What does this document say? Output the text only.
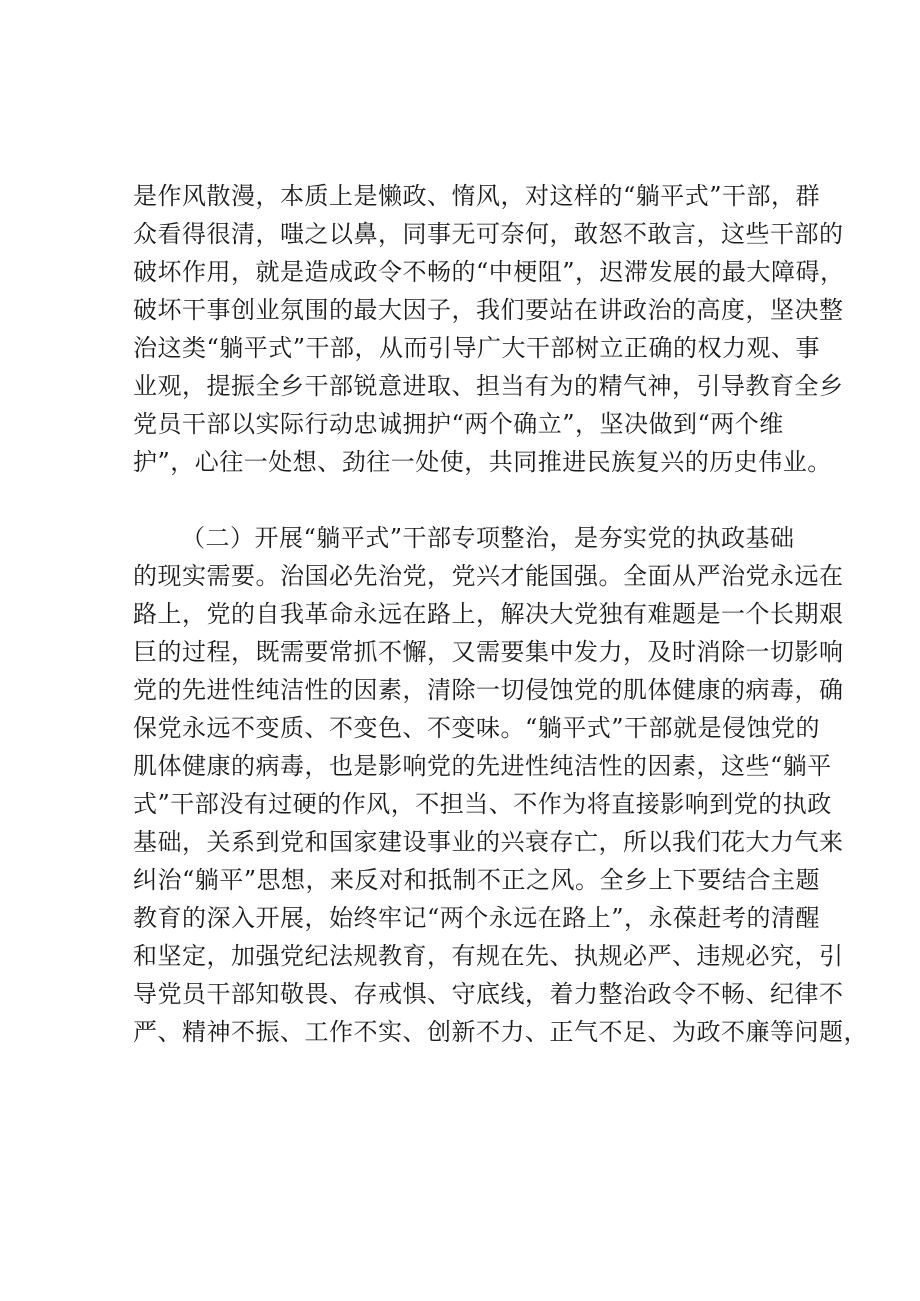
是作风散漫，本质上是懒政、惰风，对这样的“躺平式”干部，群
众看得很清，嗤之以鼻，同事无可奈何，敢怒不敢言，这些干部的
破坏作用，就是造成政令不畅的“中梗阻”，迟滞发展的最大障碍，
破坏干事创业氛围的最大因子，我们要站在讲政治的高度，坚决整
治这类“躺平式”干部，从而引导广大干部树立正确的权力观、事
业观，提振全乡干部锐意进取、担当有为的精气神，引导教育全乡
党员干部以实际行动忠诚拥护“两个确立”，坚决做到“两个维
护”，心往一处想、劲往一处使，共同推进民族复兴的历史伟业。
（二）开展“躺平式”干部专项整治，是夯实党的执政基础
的现实需要。治国必先治党，党兴才能国强。全面从严治党永远在
路上，党的自我革命永远在路上，解决大党独有难题是一个长期艰
巨的过程，既需要常抓不懈，又需要集中发力，及时消除一切影响
党的先进性纯洁性的因素，清除一切侵蚀党的肌体健康的病毒，确
保党永远不变质、不变色、不变味。“躺平式”干部就是侵蚀党的
肌体健康的病毒，也是影响党的先进性纯洁性的因素，这些“躺平
式”干部没有过硬的作风，不担当、不作为将直接影响到党的执政
基础，关系到党和国家建设事业的兴衰存亡，所以我们花大力气来
纠治“躺平”思想，来反对和抵制不正之风。全乡上下要结合主题
教育的深入开展，始终牢记“两个永远在路上”，永葆赶考的清醒
和坚定，加强党纪法规教育，有规在先、执规必严、违规必究，引
导党员干部知敬畏、存戒惧、守底线，着力整治政令不畅、纪律不
严、精神不振、工作不实、创新不力、正气不足、为政不廉等问题，
